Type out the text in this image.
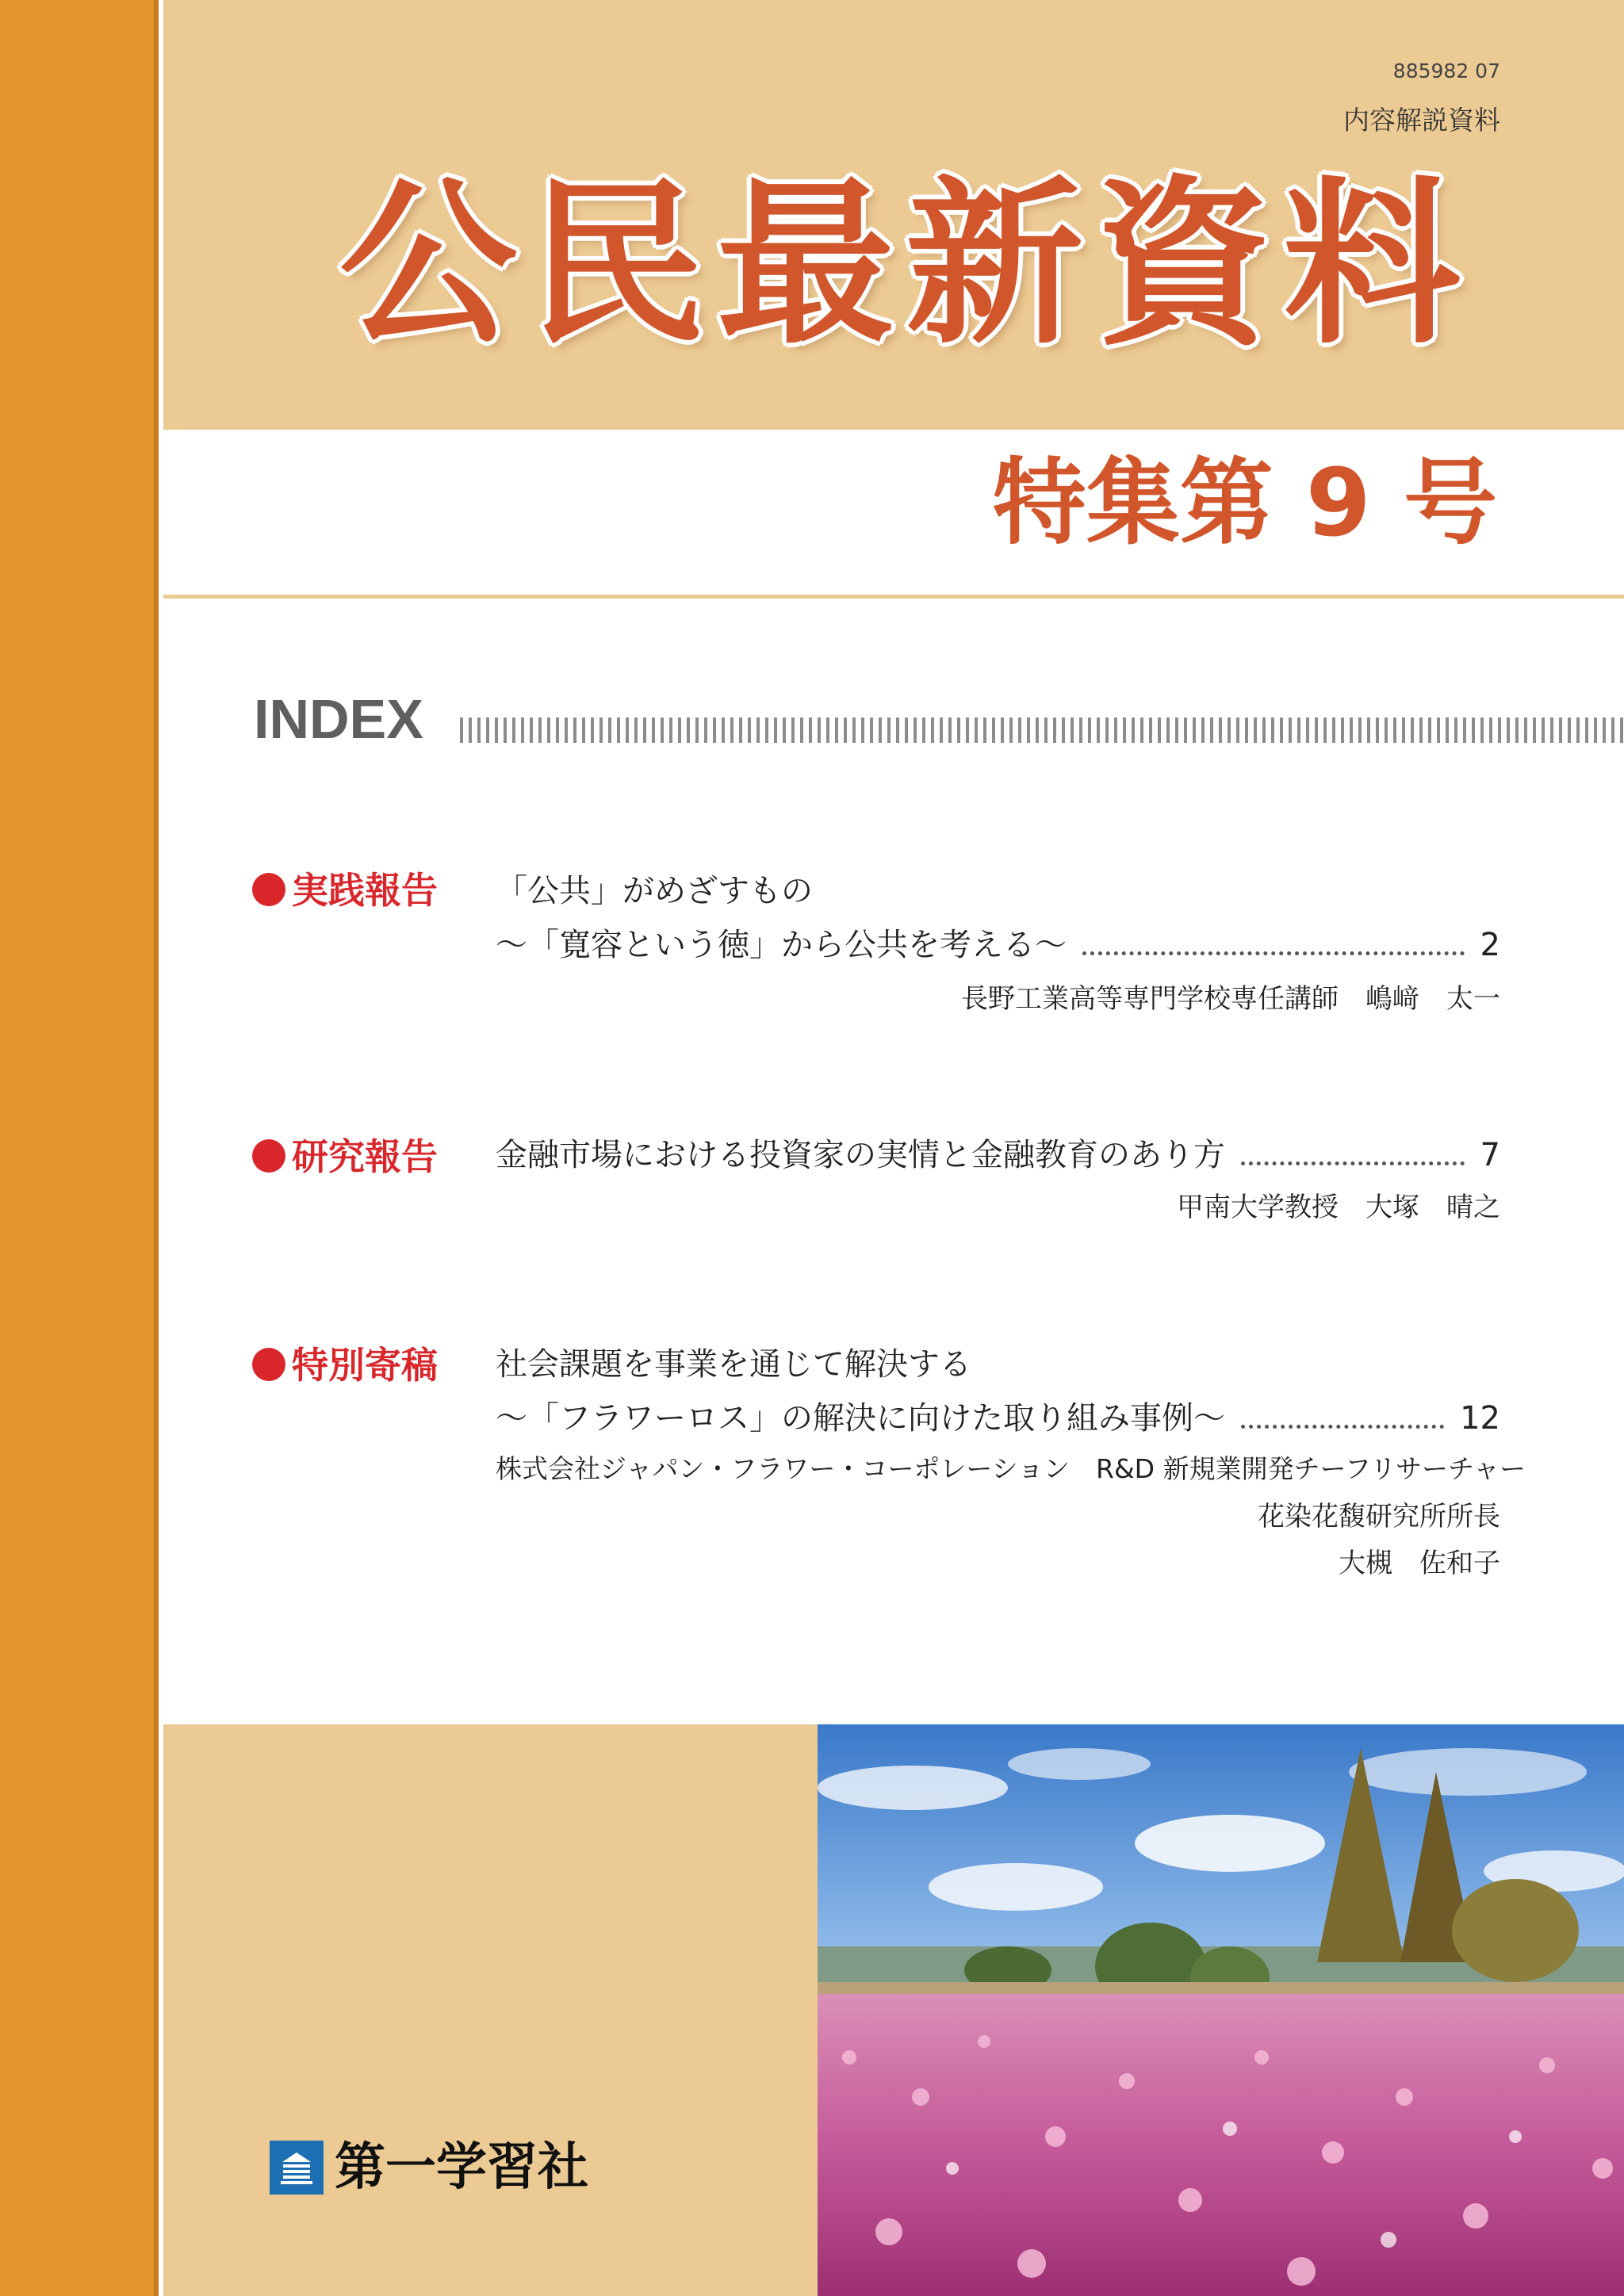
885982 07
内容解説資料
公民最新資料
特集第 9 号
INDEX
実践報告 「公共」がめざすもの
～「寛容という徳」から公共を考える～	2
長野工業高等専門学校専任講師　嶋﨑　太一
研究報告 金融市場における投資家の実情と金融教育のあり方	7
甲南大学教授　大塚　晴之
特別寄稿 社会課題を事業を通じて解決する
～「フラワーロス」の解決に向けた取り組み事例～	12
株式会社ジャパン・フラワー・コーポレーション　R&D 新規業開発チーフリサーチャー
花染花馥研究所所長
大槻　佐和子
第一学習社
